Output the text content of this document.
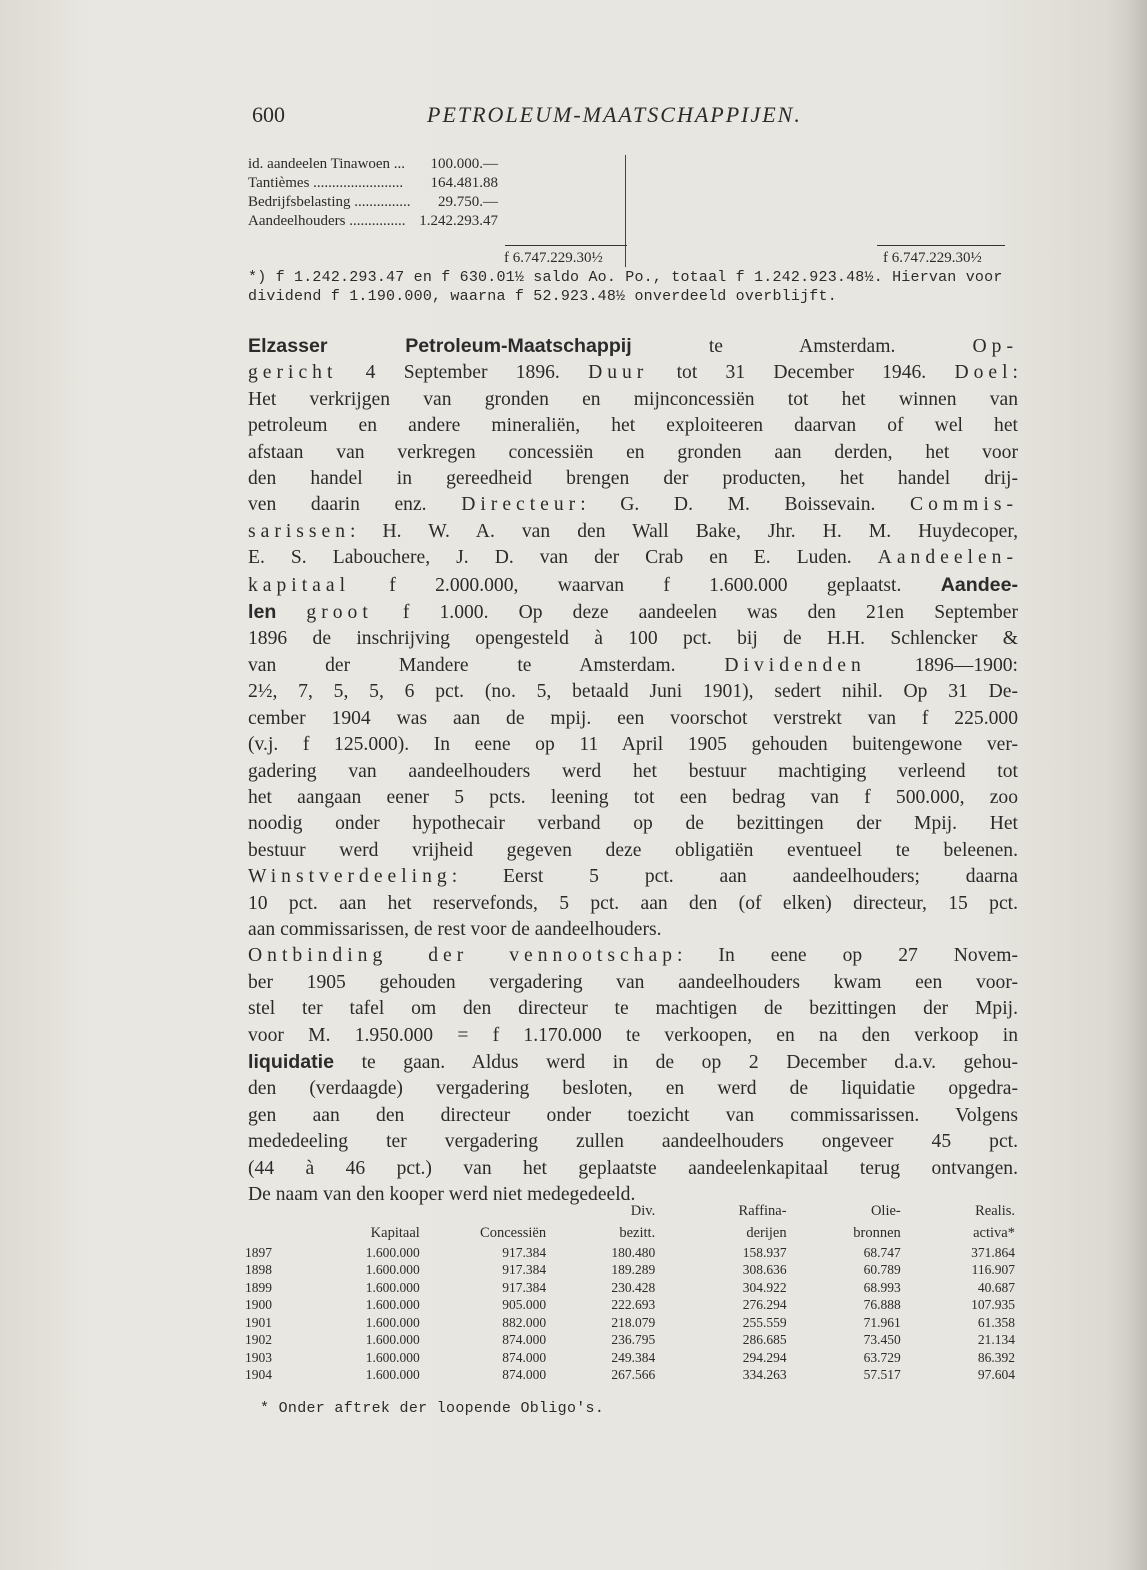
600	PETROLEUM-MAATSCHAPPIJEN.
id. aandeelen Tinawoen ...	100.000.—
Tantièmes ........................	164.481.88
Bedrijfsbelasting ...............	29.750.—
Aandeelhouders ............... 1.242.293.47
f 6.747.229.30½	f 6.747.229.30½
*) f 1.242.293.47 en f 630.01½ saldo Ao. Po., totaal f 1.242.923.48½. Hiervan voor
dividend f 1.190.000, waarna f 52.923.48½ onverdeeld overblijft.
Elzasser Petroleum-Maatschappij te Amsterdam. Op-
gericht 4 September 1896. Duur tot 31 December 1946. Doel:
Het verkrijgen van gronden en mijnconcessiën tot het winnen van
petroleum en andere mineraliën, het exploiteeren daarvan of wel het
afstaan van verkregen concessiën en gronden aan derden, het voor
den handel in gereedheid brengen der producten, het handel drij-
ven daarin enz. Directeur: G. D. M. Boissevain. Commis-
sarissen: H. W. A. van den Wall Bake, Jhr. H. M. Huydecoper,
E. S. Labouchere, J. D. van der Crab en E. Luden. Aandeelen-
kapitaal f 2.000.000, waarvan f 1.600.000 geplaatst. Aandee-
len groot f 1.000. Op deze aandeelen was den 21en September
1896 de inschrijving opengesteld à 100 pct. bij de H.H. Schlencker &
van der Mandere te Amsterdam. Dividenden 1896—1900:
2½, 7, 5, 5, 6 pct. (no. 5, betaald Juni 1901), sedert nihil. Op 31 De-
cember 1904 was aan de mpij. een voorschot verstrekt van f 225.000
(v.j. f 125.000). In eene op 11 April 1905 gehouden buitengewone ver-
gadering van aandeelhouders werd het bestuur machtiging verleend tot
het aangaan eener 5 pcts. leening tot een bedrag van f 500.000, zoo
noodig onder hypothecair verband op de bezittingen der Mpij. Het
bestuur werd vrijheid gegeven deze obligatiën eventueel te beleenen.
Winstverdeeling: Eerst 5 pct. aan aandeelhouders; daarna
10 pct. aan het reservefonds, 5 pct. aan den (of elken) directeur, 15 pct.
aan commissarissen, de rest voor de aandeelhouders.
Ontbinding der vennootschap: In eene op 27 Novem-
ber 1905 gehouden vergadering van aandeelhouders kwam een voor-
stel ter tafel om den directeur te machtigen de bezittingen der Mpij.
voor M. 1.950.000 = f 1.170.000 te verkoopen, en na den verkoop in
liquidatie te gaan. Aldus werd in de op 2 December d.a.v. gehou-
den (verdaagde) vergadering besloten, en werd de liquidatie opgedra-
gen aan den directeur onder toezicht van commissarissen. Volgens
mededeeling ter vergadering zullen aandeelhouders ongeveer 45 pct.
(44 à 46 pct.) van het geplaatste aandeelenkapitaal terug ontvangen.
De naam van den kooper werd niet medegedeeld.
			Div.	Raffina-	Olie-	Realis.
	Kapitaal	Concessiën	bezitt.	derijen	bronnen	activa*
1897	1.600.000	917.384	180.480	158.937	68.747	371.864
1898	1.600.000	917.384	189.289	308.636	60.789	116.907
1899	1.600.000	917.384	230.428	304.922	68.993	40.687
1900	1.600.000	905.000	222.693	276.294	76.888	107.935
1901	1.600.000	882.000	218.079	255.559	71.961	61.358
1902	1.600.000	874.000	236.795	286.685	73.450	21.134
1903	1.600.000	874.000	249.384	294.294	63.729	86.392
1904	1.600.000	874.000	267.566	334.263	57.517	97.604
* Onder aftrek der loopende Obligo's.
